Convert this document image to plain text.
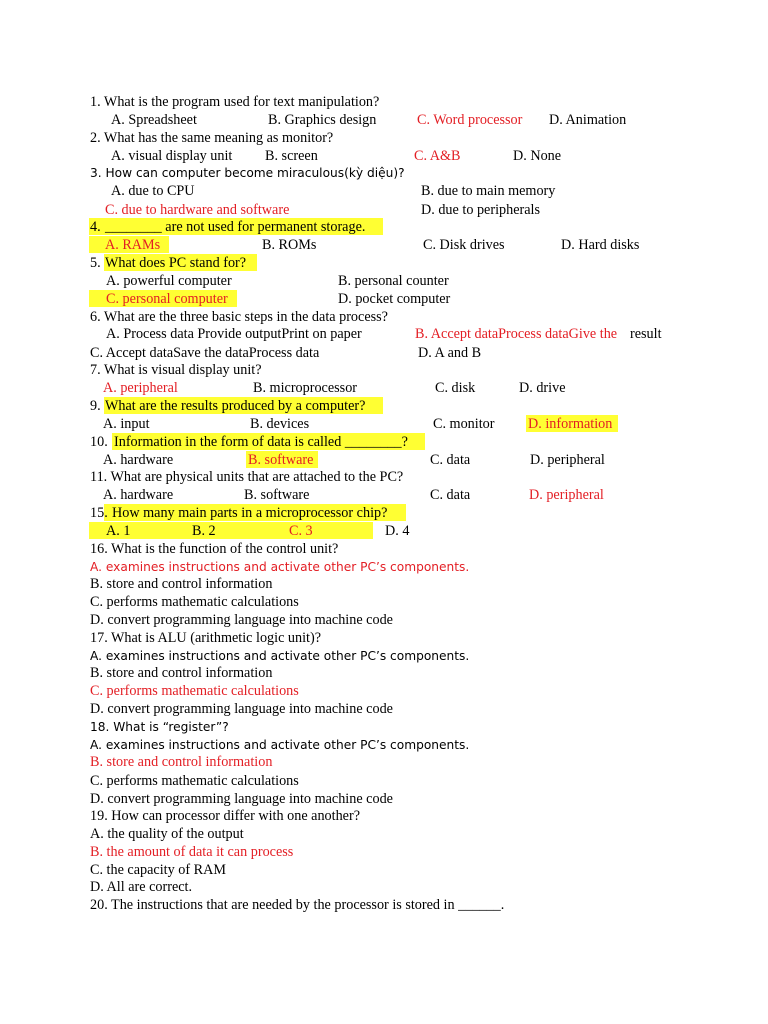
1. What is the program used for text manipulation?
A. Spreadsheet	B. Graphics design	C. Word processor D. Animation
2. What has the same meaning as monitor?
A. visual display unit B. screen	C. A&B	D. None
3. How can computer become miraculous(kỳ diệu)?
A. due to CPU	B. due to main memory
C. due to hardware and software	D. due to peripherals
4. ________ are not used for permanent storage.
A. RAMs	B. ROMs	C. Disk drives	D. Hard disks
5. What does PC stand for?
A. powerful computer	B. personal counter
C. personal computer	D. pocket computer
6. What are the three basic steps in the data process?
A. Process data Provide outputPrint on paper	B. Accept dataProcess dataGive the result
C. Accept dataSave the dataProcess data	D. A and B
7. What is visual display unit?
A. peripheral	B. microprocessor	C. disk	D. drive
9. What are the results produced by a computer?
A. input	B. devices	C. monitor D. information
10. Information in the form of data is called ________?
A. hardware	B. software	C. data	D. peripheral
11. What are physical units that are attached to the PC?
A. hardware	B. software	C. data	D. peripheral
15. How many main parts in a microprocessor chip?
A. 1	B. 2	C. 3	D. 4
16. What is the function of the control unit?
A. examines instructions and activate other PC’s components.
B. store and control information
C. performs mathematic calculations
D. convert programming language into machine code
17. What is ALU (arithmetic logic unit)?
A. examines instructions and activate other PC’s components.
B. store and control information
C. performs mathematic calculations
D. convert programming language into machine code
18. What is “register”?
A. examines instructions and activate other PC’s components.
B. store and control information
C. performs mathematic calculations
D. convert programming language into machine code
19. How can processor differ with one another?
A. the quality of the output
B. the amount of data it can process
C. the capacity of RAM
D. All are correct.
20. The instructions that are needed by the processor is stored in ______.
